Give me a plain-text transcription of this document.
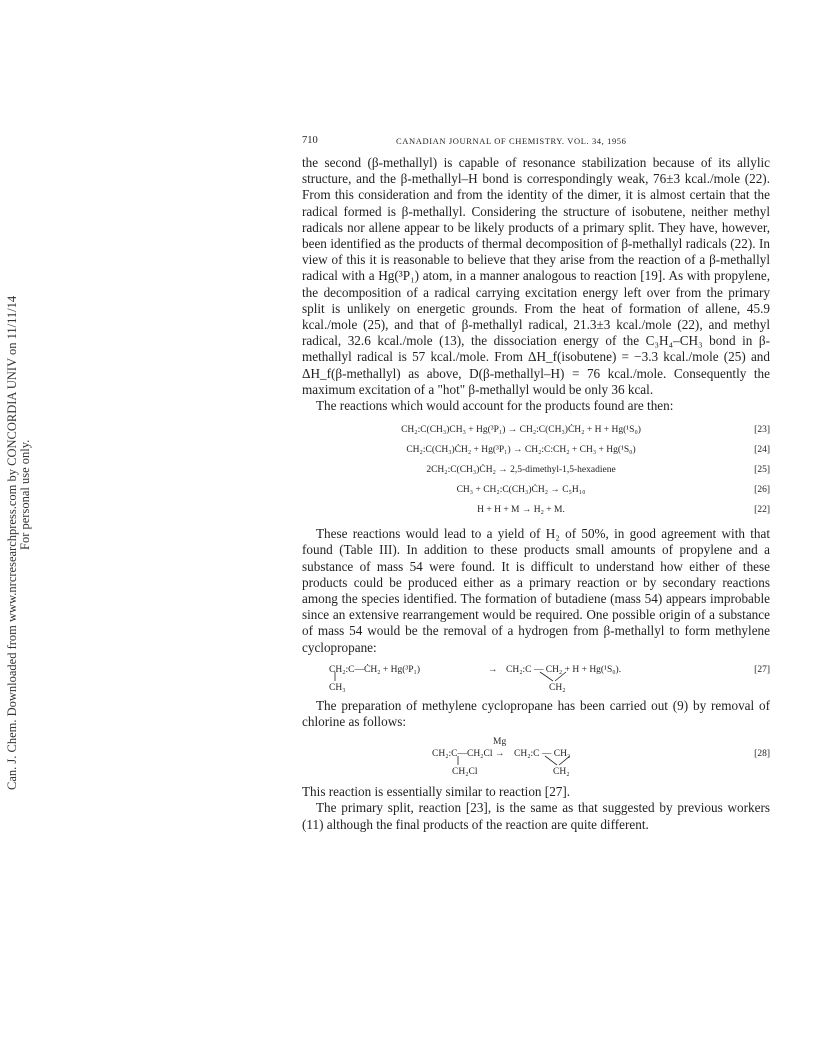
Can. J. Chem. Downloaded from www.nrcresearchpress.com by CONCORDIA UNIV on 11/11/14 For personal use only.
710	CANADIAN JOURNAL OF CHEMISTRY. VOL. 34, 1956

the second (β-methallyl) is capable of resonance stabilization because of its allylic structure, and the β-methallyl–H bond is correspondingly weak, 76±3 kcal./mole (22). From this consideration and from the identity of the dimer, it is almost certain that the radical formed is β-methallyl. Considering the structure of isobutene, neither methyl radicals nor allene appear to be likely products of a primary split. They have, however, been identified as the products of thermal decomposition of β-methallyl radicals (22). In view of this it is reasonable to believe that they arise from the reaction of a β-methallyl radical with a Hg(³P₁) atom, in a manner analogous to reaction [19]. As with propylene, the decomposition of a radical carrying excitation energy left over from the primary split is unlikely on energetic grounds. From the heat of formation of allene, 45.9 kcal./mole (25), and that of β-methallyl radical, 21.3±3 kcal./mole (22), and methyl radical, 32.6 kcal./mole (13), the dissociation energy of the C₃H₄–CH₃ bond in β-methallyl radical is 57 kcal./mole. From ΔH_f(isobutene) = −3.3 kcal./mole (25) and ΔH_f(β-methallyl) as above, D(β-methallyl–H) = 76 kcal./mole. Consequently the maximum excitation of a "hot" β-methallyl would be only 36 kcal.

The reactions which would account for the products found are then:

CH₂:C(CH₃)CH₃ + Hg(³P₁) → CH₂:C(CH₃)ĊH₂ + H + Hg(¹S₀)	[23]
CH₂:C(CH₃)ĊH₂ + Hg(³P₁) → CH₂:C:CH₂ + CH₃ + Hg(¹S₀)	[24]
2CH₂:C(CH₃)ĊH₂ → 2,5-dimethyl-1,5-hexadiene	[25]
CH₃ + CH₂:C(CH₃)ĊH₂ → C₅H₁₀	[26]
H + H + M → H₂ + M.	[22]

These reactions would lead to a yield of H₂ of 50%, in good agreement with that found (Table III). In addition to these products small amounts of propylene and a substance of mass 54 were found. It is difficult to understand how either of these products could be produced either as a primary reaction or by secondary reactions among the species identified. The formation of butadiene (mass 54) appears improbable since an extensive rearrangement would be required. One possible origin of a substance of mass 54 would be the removal of a hydrogen from β-methallyl to form methylene cyclopropane:

CH₂:C—ĊH₂ + Hg(³P₁)	→ CH₂:C — CH₂ + H + Hg(¹S₀).
CH₃	CH₂
[27]

The preparation of methylene cyclopropane has been carried out (9) by removal of chlorine as follows:

Mg
CH₂:C—CH₂Cl → CH₂:C — CH₂
CH₂Cl	CH₂
[28]

This reaction is essentially similar to reaction [27].

The primary split, reaction [23], is the same as that suggested by previous workers (11) although the final products of the reaction are quite different.
